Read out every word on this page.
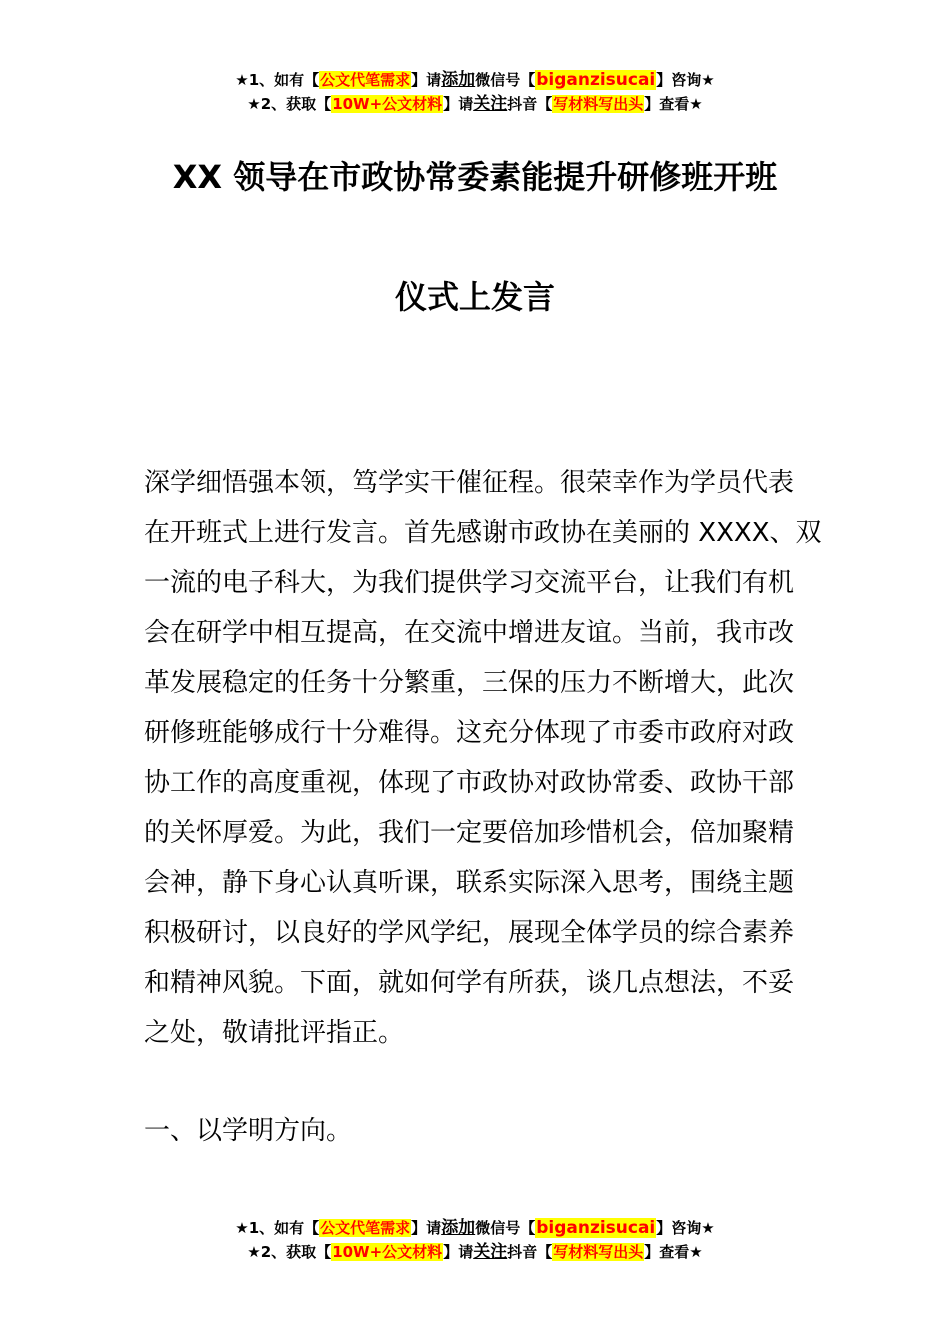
★1、如有【公文代笔需求】请添加微信号【biganzisucai】咨询★
★2、获取【10W+公文材料】请关注抖音【写材料写出头】查看★
XX 领导在市政协常委素能提升研修班开班
仪式上发言
深学细悟强本领，笃学实干催征程。很荣幸作为学员代表
在开班式上进行发言。首先感谢市政协在美丽的 XXXX、双
一流的电子科大，为我们提供学习交流平台，让我们有机
会在研学中相互提高，在交流中增进友谊。当前，我市改
革发展稳定的任务十分繁重，三保的压力不断增大，此次
研修班能够成行十分难得。这充分体现了市委市政府对政
协工作的高度重视，体现了市政协对政协常委、政协干部
的关怀厚爱。为此，我们一定要倍加珍惜机会，倍加聚精
会神，静下身心认真听课，联系实际深入思考，围绕主题
积极研讨，以良好的学风学纪，展现全体学员的综合素养
和精神风貌。下面，就如何学有所获，谈几点想法，不妥
之处，敬请批评指正。
一、以学明方向。
★1、如有【公文代笔需求】请添加微信号【biganzisucai】咨询★
★2、获取【10W+公文材料】请关注抖音【写材料写出头】查看★
